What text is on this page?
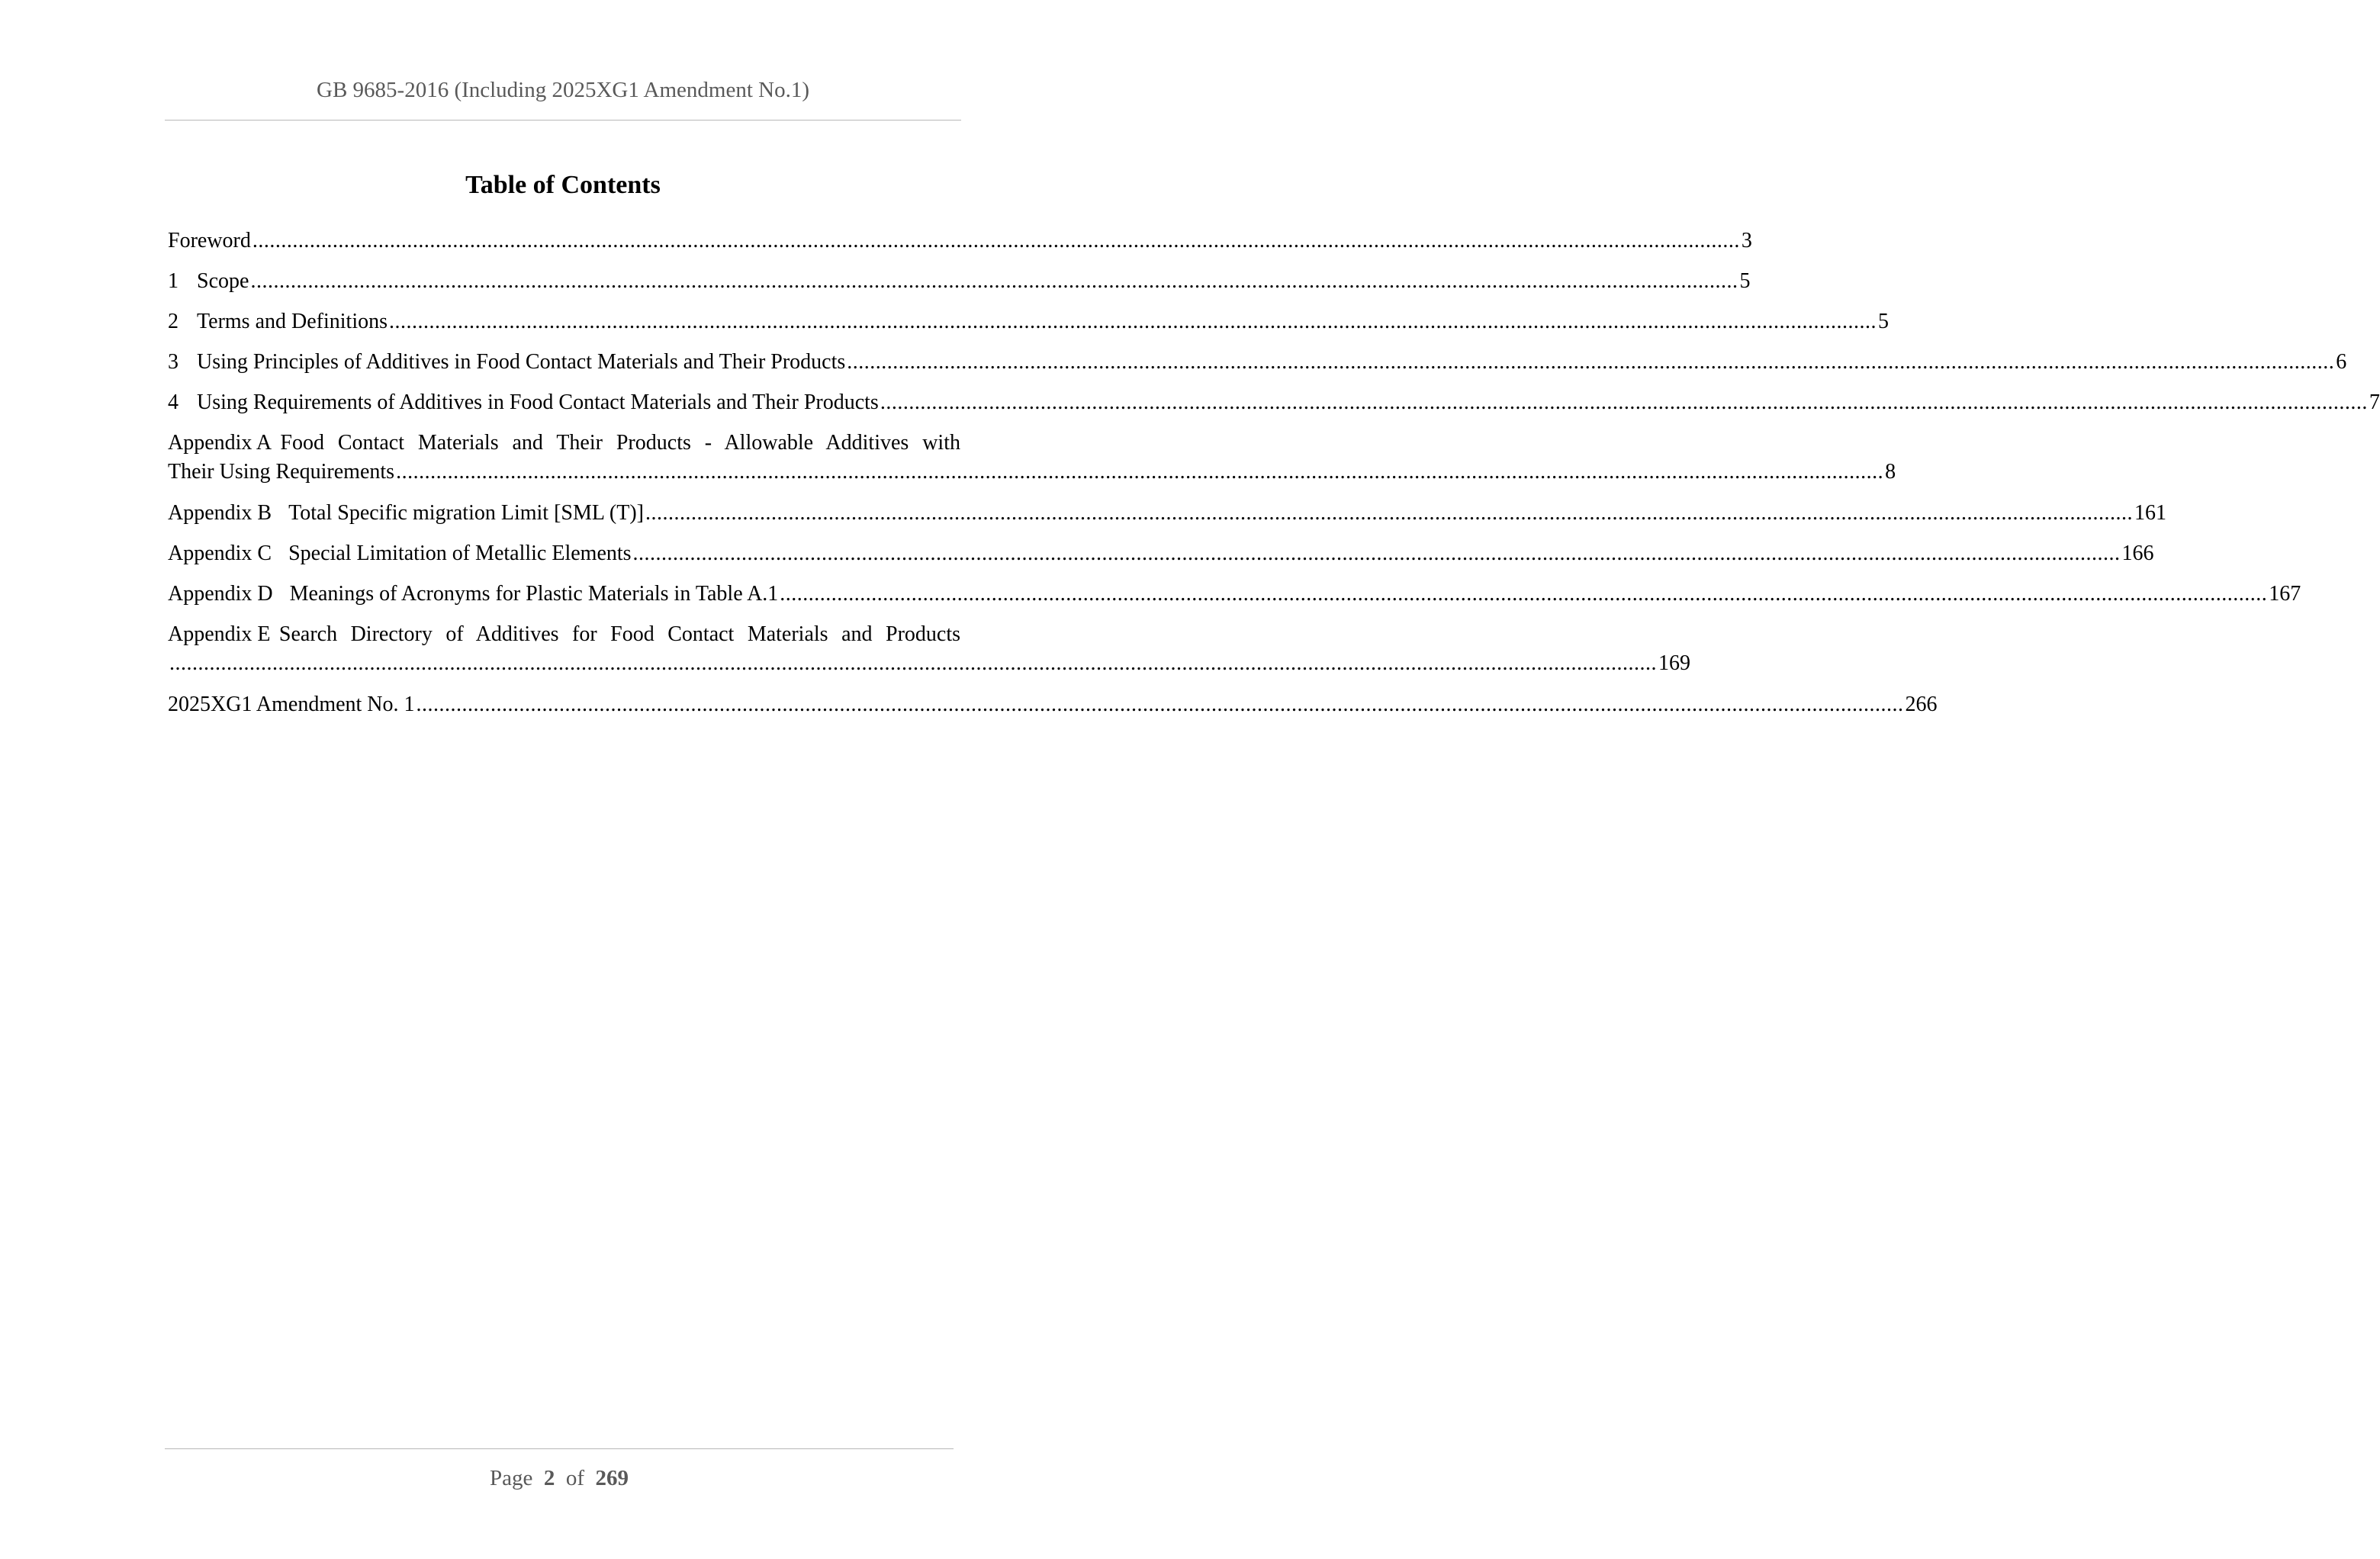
GB 9685-2016 (Including 2025XG1 Amendment No.1)
Table of Contents
Foreword .................................................................................................................................................................................................................................................................... 3
1 Scope .................................................................................................................................................................................................................................................................... 5
2 Terms and Definitions .................................................................................................................................................................................................................................................................... 5
3 Using Principles of Additives in Food Contact Materials and Their Products .................................................................................................................................................................................................................................................................... 6
4 Using Requirements of Additives in Food Contact Materials and Their Products .................................................................................................................................................................................................................................................................... 7
Appendix A Food Contact Materials and Their Products - Allowable Additives with
Their Using Requirements .................................................................................................................................................................................................................................................................... 8
Appendix B Total Specific migration Limit [SML (T)] .................................................................................................................................................................................................................................................................... 161
Appendix C Special Limitation of Metallic Elements .................................................................................................................................................................................................................................................................... 166
Appendix D Meanings of Acronyms for Plastic Materials in Table A.1 .................................................................................................................................................................................................................................................................... 167
Appendix E Search Directory of Additives for Food Contact Materials and Products
.................................................................................................................................................................................................................................................................... 169
2025XG1 Amendment No. 1 .................................................................................................................................................................................................................................................................... 266
Page 2 of 269
